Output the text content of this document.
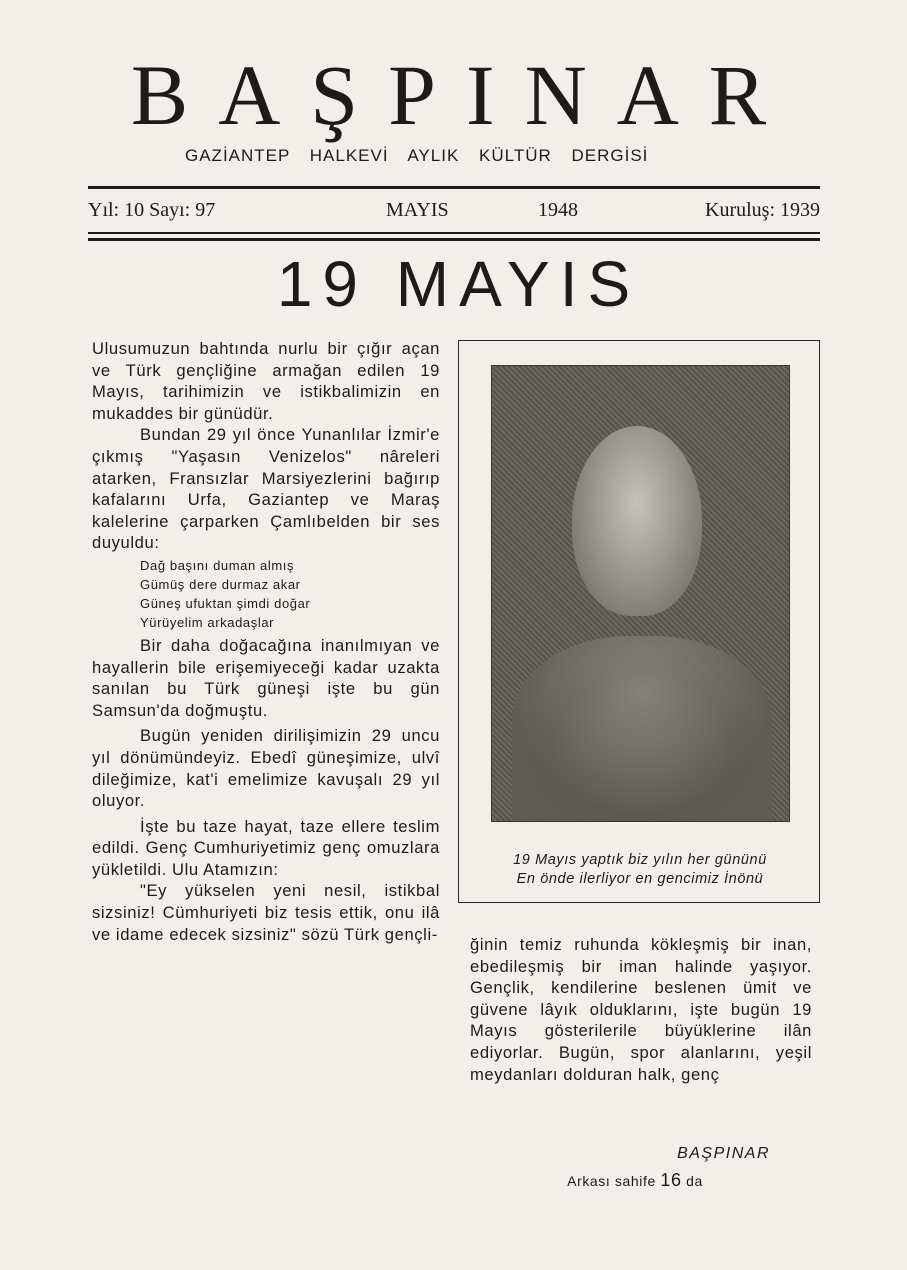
BAŞPINAR
GAZİANTEP HALKEVİ AYLIK KÜLTÜR DERGİSİ
Yıl: 10 Sayı: 97	MAYIS	1948	Kuruluş: 1939
19 MAYIS

Ulusumuzun bahtında nurlu bir çığır açan ve Türk gençliğine armağan edilen 19 Mayıs, tarihimizin ve istikbalimizin en mukaddes bir günüdür.

Bundan 29 yıl önce Yunanlılar İzmir'e çıkmış "Yaşasın Venizelos" nâreleri atarken, Fransızlar Marsiyezlerini bağırıp kafalarını Urfa, Gaziantep ve Maraş kalelerine çarparken Çamlıbelden bir ses duyuldu:

Dağ başını duman almış
Gümüş dere durmaz akar
Güneş ufuktan şimdi doğar
Yürüyelim arkadaşlar

Bir daha doğacağına inanılmıyan ve hayallerin bile erişemiyeceği kadar uzakta sanılan bu Türk güneşi işte bu gün Samsun'da doğmuştu.

Bugün yeniden dirilişimizin 29 uncu yıl dönümündeyiz. Ebedî güneşimize, ulvî dileğimize, kat'i emelimize kavuşalı 29 yıl oluyor.

İşte bu taze hayat, taze ellere teslim edildi. Genç Cumhuriyetimiz genç omuzlara yükletildi. Ulu Atamızın:

"Ey yükselen yeni nesil, istikbal sizsiniz! Cümhuriyeti biz tesis ettik, onu ilâ ve idame edecek sizsiniz" sözü Türk gençli-

19 Mayıs yaptık biz yılın her gününü
En önde ilerliyor en gencimiz İnönü

ğinin temiz ruhunda kökleşmiş bir inan, ebedileşmiş bir iman halinde yaşıyor. Gençlik, kendilerine beslenen ümit ve güvene lâyık olduklarını, işte bugün 19 Mayıs gösterilerile büyüklerine ilân ediyorlar. Bugün, spor alanlarını, yeşil meydanları dolduran halk, genç

BAŞPINAR
Arkası sahife 16 da
